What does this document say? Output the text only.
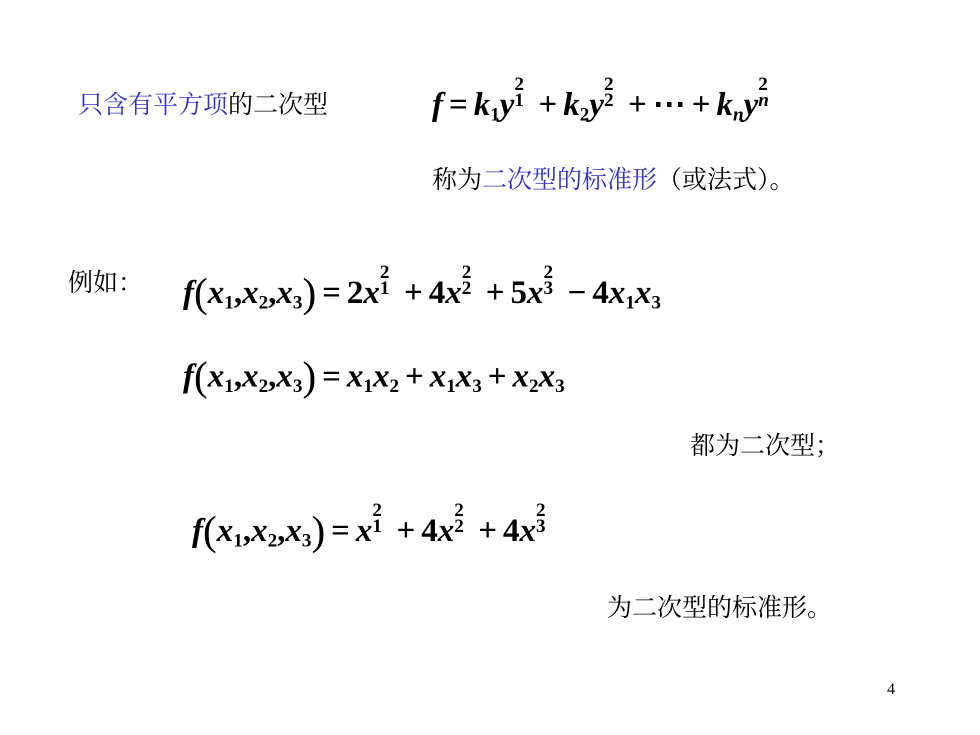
只含有平方项的二次型	$f = k_1y$
2
$1 + k_2y$
2
2 + ⋯ + $k_ny$
2
n
称为二次型的标准形（或法式）。
例如： $f(x_1,x_2,x_3) = 2x$
2
1 + 4x
2
2 + 5x
2
$3 - 4x_1x_3$
$f(x_1,x_2,x_3) = x_1x_2 + x_1x_3 + x_2x_3$
都为二次型；
$f(x_1,x_2,x_3) = x$
2
1 + 4x
2
2 + 4x
2
3
为二次型的标准形。
4
